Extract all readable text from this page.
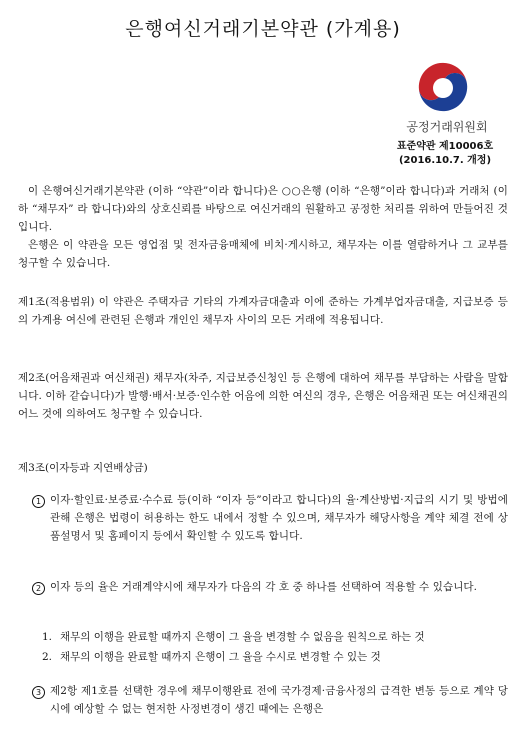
은행여신거래기본약관 (가계용)
공정거래위원회
표준약관 제10006호
(2016.10.7. 개정)

이 은행여신거래기본약관 (이하 “약관”이라 합니다)은 ○○은행 (이하 “은행”이라 합니다)과 거래처 (이하 “채무자” 라 합니다)와의 상호신뢰를 바탕으로 여신거래의 원활하고 공정한 처리를 위하여 만들어진 것입니다.

은행은 이 약관을 모든 영업점 및 전자금융매체에 비치·게시하고, 채무자는 이를 열람하거나 그 교부를 청구할 수 있습니다.

제1조(적용범위) 이 약관은 주택자금 기타의 가계자금대출과 이에 준하는 가계부업자금대출, 지급보증 등의 가계용 여신에 관련된 은행과 개인인 채무자 사이의 모든 거래에 적용됩니다.

제2조(어음채권과 여신채권) 채무자(차주, 지급보증신청인 등 은행에 대하여 채무를 부담하는 사람을 말합니다. 이하 같습니다)가 발행·배서·보증·인수한 어음에 의한 여신의 경우, 은행은 어음채권 또는 여신채권의 어느 것에 의하여도 청구할 수 있습니다.

제3조(이자등과 지연배상금)
1 이자·할인료·보증료·수수료 등(이하 “이자 등”이라고 합니다)의 율·계산방법·지급의 시기 및 방법에 관해 은행은 법령이 허용하는 한도 내에서 정할 수 있으며, 채무자가 해당사항을 계약 체결 전에 상품설명서 및 홈페이지 등에서 확인할 수 있도록 합니다.

2 이자 등의 율은 거래계약시에 채무자가 다음의 각 호 중 하나를 선택하여 적용할 수 있습니다.

1. 채무의 이행을 완료할 때까지 은행이 그 율을 변경할 수 없음을 원칙으로 하는 것
2. 채무의 이행을 완료할 때까지 은행이 그 율을 수시로 변경할 수 있는 것
3 제2항 제1호를 선택한 경우에 채무이행완료 전에 국가경제·금융사정의 급격한 변동 등으로 계약 당시에 예상할 수 없는 현저한 사정변경이 생긴 때에는 은행은
